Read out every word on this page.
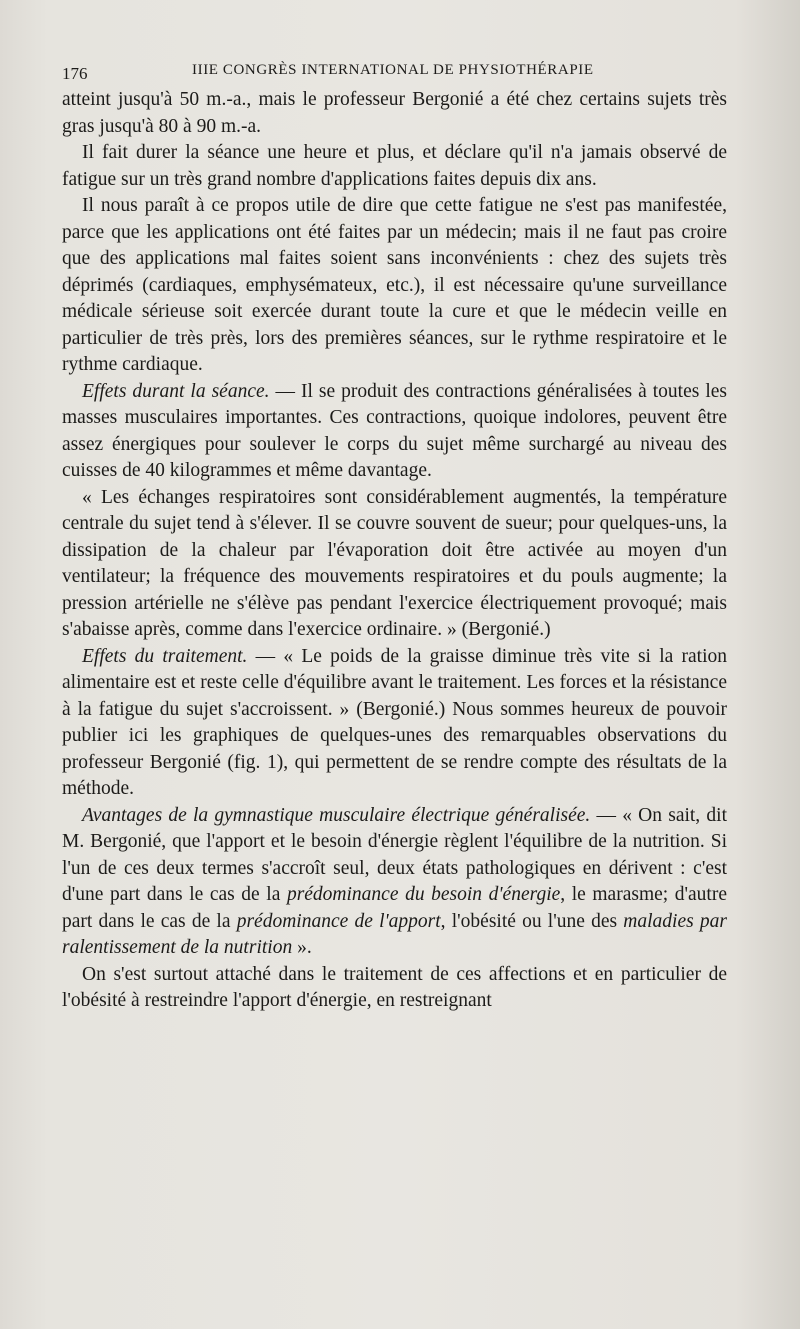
176	IIIE CONGRÈS INTERNATIONAL DE PHYSIOTHÉRAPIE

atteint jusqu'à 50 m.-a., mais le professeur Bergonié a été chez certains sujets très gras jusqu'à 80 à 90 m.-a.

Il fait durer la séance une heure et plus, et déclare qu'il n'a jamais observé de fatigue sur un très grand nombre d'applications faites depuis dix ans.

Il nous paraît à ce propos utile de dire que cette fatigue ne s'est pas manifestée, parce que les applications ont été faites par un médecin; mais il ne faut pas croire que des applications mal faites soient sans inconvénients : chez des sujets très déprimés (cardiaques, emphysémateux, etc.), il est nécessaire qu'une surveillance médicale sérieuse soit exercée durant toute la cure et que le médecin veille en particulier de très près, lors des premières séances, sur le rythme respiratoire et le rythme cardiaque.

Effets durant la séance. — Il se produit des contractions généralisées à toutes les masses musculaires importantes. Ces contractions, quoique indolores, peuvent être assez énergiques pour soulever le corps du sujet même surchargé au niveau des cuisses de 40 kilogrammes et même davantage.

« Les échanges respiratoires sont considérablement augmentés, la température centrale du sujet tend à s'élever. Il se couvre souvent de sueur; pour quelques-uns, la dissipation de la chaleur par l'évaporation doit être activée au moyen d'un ventilateur; la fréquence des mouvements respiratoires et du pouls augmente; la pression artérielle ne s'élève pas pendant l'exercice électriquement provoqué; mais s'abaisse après, comme dans l'exercice ordinaire. » (Bergonié.)

Effets du traitement. — « Le poids de la graisse diminue très vite si la ration alimentaire est et reste celle d'équilibre avant le traitement. Les forces et la résistance à la fatigue du sujet s'accroissent. » (Bergonié.) Nous sommes heureux de pouvoir publier ici les graphiques de quelques-unes des remarquables observations du professeur Bergonié (fig. 1), qui permettent de se rendre compte des résultats de la méthode.

Avantages de la gymnastique musculaire électrique généralisée. — « On sait, dit M. Bergonié, que l'apport et le besoin d'énergie règlent l'équilibre de la nutrition. Si l'un de ces deux termes s'accroît seul, deux états pathologiques en dérivent : c'est d'une part dans le cas de la prédominance du besoin d'énergie, le marasme; d'autre part dans le cas de la prédominance de l'apport, l'obésité ou l'une des maladies par ralentissement de la nutrition ».

On s'est surtout attaché dans le traitement de ces affections et en particulier de l'obésité à restreindre l'apport d'énergie, en restreignant
